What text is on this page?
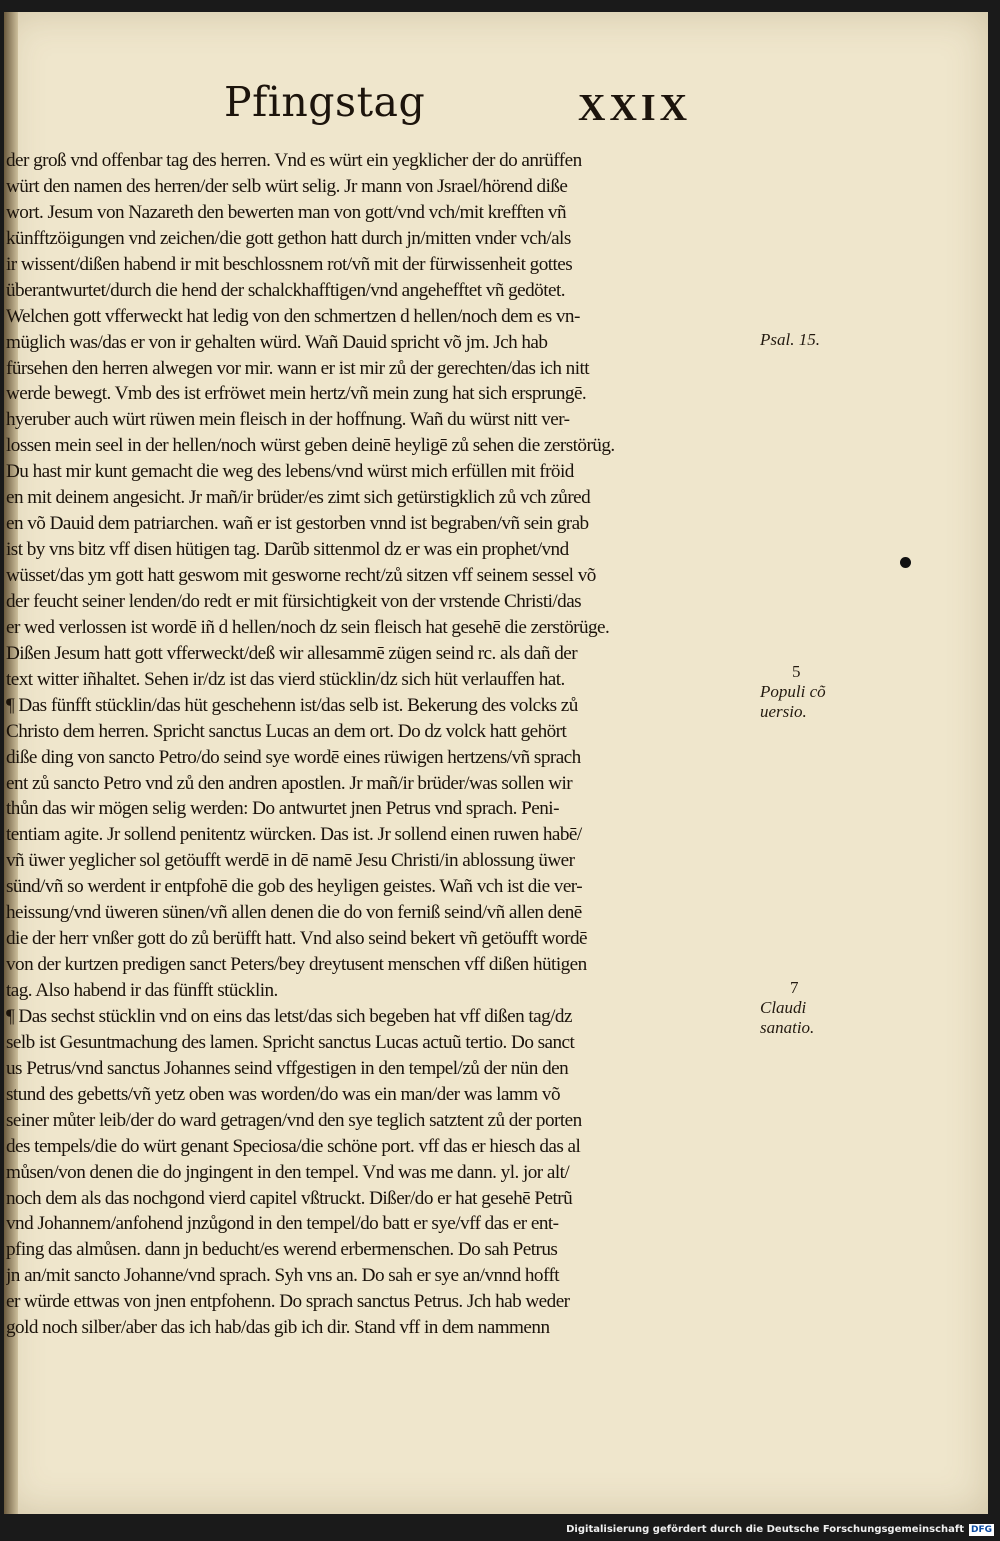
Pfingstag	XXIX
der groß vnd offenbar tag des herren. Vnd es würt ein yegklicher der do anrüffen
würt den namen des herren/der selb würt selig. Jr mann von Jsrael/hörend diße
wort. Jesum von Nazareth den bewerten man von gott/vnd vch/mit krefften vñ
künfftzöigungen vnd zeichen/die gott gethon hatt durch jn/mitten vnder vch/als
ir wissent/dißen habend ir mit beschlossnem rot/vñ mit der fürwissenheit gottes
überantwurtet/durch die hend der schalckhafftigen/vnd angehefftet vñ gedötet.
Welchen gott vfferweckt hat ledig von den schmertzen d hellen/noch dem es vn-
müglich was/das er von ir gehalten würd. Wañ Dauid spricht võ jm. Jch hab
fürsehen den herren alwegen vor mir. wann er ist mir zů der gerechten/das ich nitt
werde bewegt. Vmb des ist erfröwet mein hertz/vñ mein zung hat sich ersprungē.
hyeruber auch würt rüwen mein fleisch in der hoffnung. Wañ du würst nitt ver-
lossen mein seel in der hellen/noch würst geben deinē heyligē zů sehen die zerstörüg.
Du hast mir kunt gemacht die weg des lebens/vnd würst mich erfüllen mit fröid
en mit deinem angesicht. Jr mañ/ir brüder/es zimt sich getürstigklich zů vch zůred
en võ Dauid dem patriarchen. wañ er ist gestorben vnnd ist begraben/vñ sein grab
ist by vns bitz vff disen hütigen tag. Darũb sittenmol dz er was ein prophet/vnd
wüsset/das ym gott hatt geswom mit gesworne recht/zů sitzen vff seinem sessel võ
der feucht seiner lenden/do redt er mit fürsichtigkeit von der vrstende Christi/das
er wed verlossen ist wordē iñ d hellen/noch dz sein fleisch hat gesehē die zerstörüge.
Dißen Jesum hatt gott vfferweckt/deß wir allesammē zügen seind rc. als dañ der
text witter iñhaltet. Sehen ir/dz ist das vierd stücklin/dz sich hüt verlauffen hat.
¶ Das fünfft stücklin/das hüt geschehenn ist/das selb ist. Bekerung des volcks zů
Christo dem herren. Spricht sanctus Lucas an dem ort. Do dz volck hatt gehört
diße ding von sancto Petro/do seind sye wordē eines rüwigen hertzens/vñ sprach
ent zů sancto Petro vnd zů den andren apostlen. Jr mañ/ir brüder/was sollen wir
thůn das wir mögen selig werden: Do antwurtet jnen Petrus vnd sprach. Peni-
tentiam agite. Jr sollend penitentz würcken. Das ist. Jr sollend einen ruwen habē/
vñ üwer yeglicher sol getöufft werdē in dē namē Jesu Christi/in ablossung üwer
sünd/vñ so werdent ir entpfohē die gob des heyligen geistes. Wañ vch ist die ver-
heissung/vnd üweren sünen/vñ allen denen die do von ferniß seind/vñ allen denē
die der herr vnßer gott do zů berüfft hatt. Vnd also seind bekert vñ getöufft wordē
von der kurtzen predigen sanct Peters/bey dreytusent menschen vff dißen hütigen
tag. Also habend ir das fünfft stücklin.
¶ Das sechst stücklin vnd on eins das letst/das sich begeben hat vff dißen tag/dz
selb ist Gesuntmachung des lamen. Spricht sanctus Lucas actuũ tertio. Do sanct
us Petrus/vnd sanctus Johannes seind vffgestigen in den tempel/zů der nün den
stund des gebetts/vñ yetz oben was worden/do was ein man/der was lamm võ
seiner můter leib/der do ward getragen/vnd den sye teglich satztent zů der porten
des tempels/die do würt genant Speciosa/die schöne port. vff das er hiesch das al
můsen/von denen die do jngingent in den tempel. Vnd was me dann. yl. jor alt/
noch dem als das nochgond vierd capitel vßtruckt. Dißer/do er hat gesehē Petrũ
vnd Johannem/anfohend jnzůgond in den tempel/do batt er sye/vff das er ent-
pfing das almůsen. dann jn beducht/es werend erbermenschen. Do sah Petrus
jn an/mit sancto Johanne/vnd sprach. Syh vns an. Do sah er sye an/vnnd hofft
er würde ettwas von jnen entpfohenn. Do sprach sanctus Petrus. Jch hab weder
gold noch silber/aber das ich hab/das gib ich dir. Stand vff in dem nammenn
Psal. 15.
5
Populi cõ
uersio.
7
Claudi
sanatio.
Digitalisierung gefördert durch die Deutsche Forschungsgemeinschaft DFG
